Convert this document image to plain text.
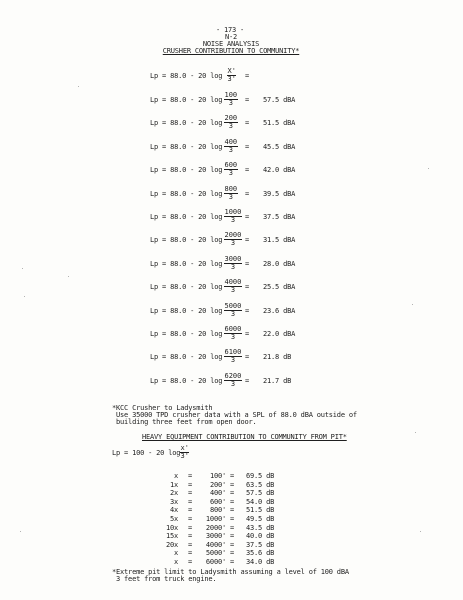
- 173 -
N-2
NOISE ANALYSIS
CRUSHER CONTRIBUTION TO COMMUNITY*
Lp = 88.0 - 20 $\log \frac{X'}{3'}$ =
Lp = 88.0 - 20 $\log \frac{100}{3} = 57.5$ dBA
Lp = 88.0 - 20 $\log \frac{200}{3} = 51.5$ dBA
Lp = 88.0 - 20 $\log \frac{400}{3} = 45.5$ dBA
Lp = 88.0 - 20 $\log \frac{600}{3} = 42.0$ dBA
Lp = 88.0 - 20 $\log \frac{800}{3} = 39.5$ dBA
Lp = 88.0 - 20 $\log \frac{1000}{3} = 37.5$ dBA
Lp = 88.0 - 20 $\log \frac{2000}{3} = 31.5$ dBA
Lp = 88.0 - 20 $\log \frac{3000}{3} = 28.0$ dBA
Lp = 88.0 - 20 $\log \frac{4000}{3} = 25.5$ dBA
Lp = 88.0 - 20 $\log \frac{5000}{3} = 23.6$ dBA
Lp = 88.0 - 20 $\log \frac{6000}{3} = 22.0$ dBA
Lp = 88.0 - 20 $\log \frac{6100}{3} = 21.8$ dB
Lp = 88.0 - 20 $\log \frac{6200}{3} = 21.7$ dB
*KCC Crusher to Ladysmith
Use 35000 TPD crusher data with a SPL of 88.0 dBA outside of
building three feet from open door.
HEAVY EQUIPMENT CONTRIBUTION TO COMMUNITY FROM PIT*
Lp = 100 - 20 $\log \frac{x'}{3'}$
x =	100' = 69.5 dB
1x =	200' = 63.5 dB
2x =	400' = 57.5 dB
3x =	600' = 54.0 dB
4x =	800' = 51.5 dB
5x =	1000' = 49.5 dB
10x =	2000' = 43.5 dB
15x =	3000' = 40.0 dB
20x =	4000' = 37.5 dB
x =	5000' = 35.6 dB
x =	6000' = 34.0 dB
*Extreme pit limit to Ladysmith assuming a level of 100 dBA
3 feet from truck engine.
